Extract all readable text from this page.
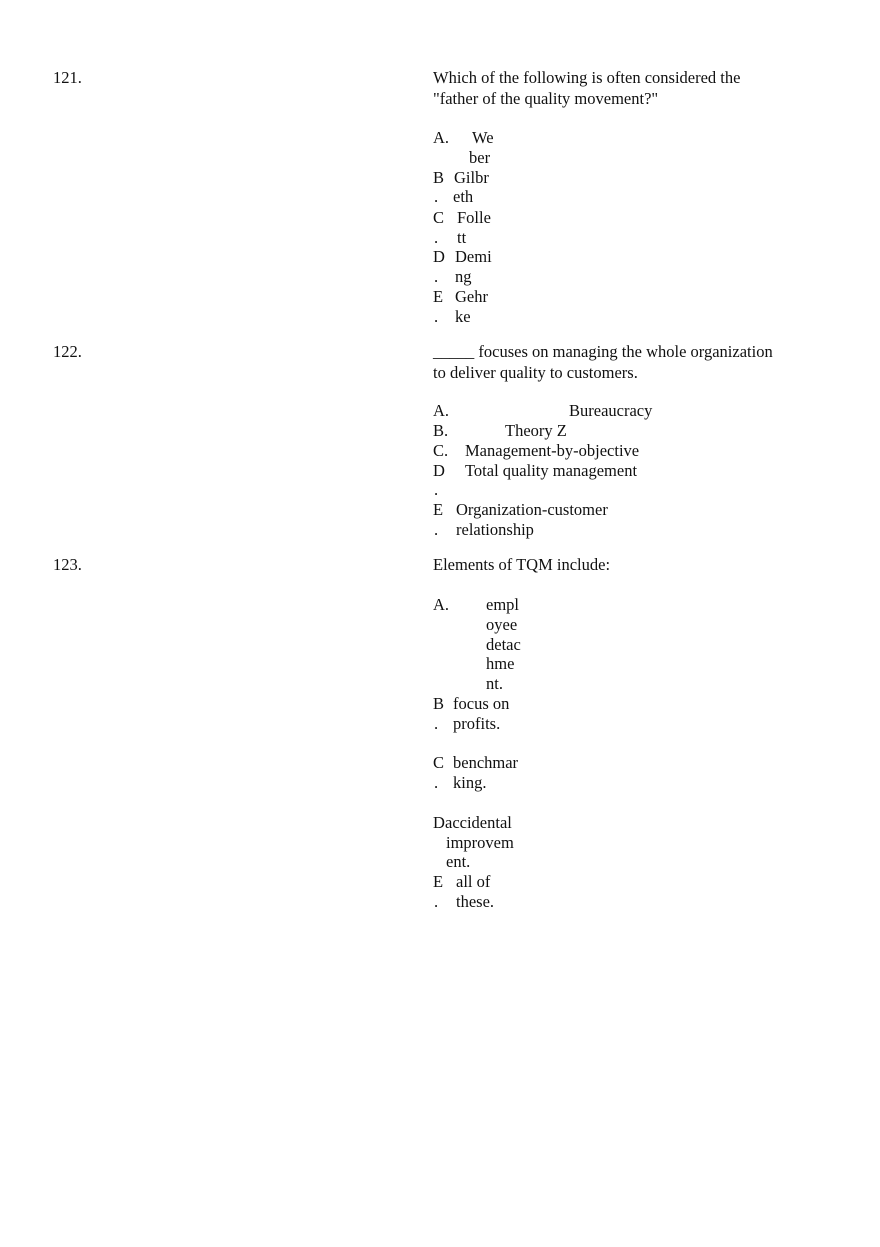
121.	Which of the following is often considered the
"father of the quality movement?"
A. We
ber
B
.
Gilbr
eth
C
.
Folle
tt
D
.
Demi
ng
E
.
Gehr
ke
122.	_____ focuses on managing the whole organization
to deliver quality to customers.
A.	Bureaucracy
B.	Theory Z
C. Management-by-objective
D
.
Total quality management
E
.
Organization-customer
relationship
123.	Elements of TQM include:
A. empl
oyee
detac
hme
nt.
B
.
focus on
profits.
C
.
benchmar
king.
D accidental
improvem
ent.
E
.
all of
these.
